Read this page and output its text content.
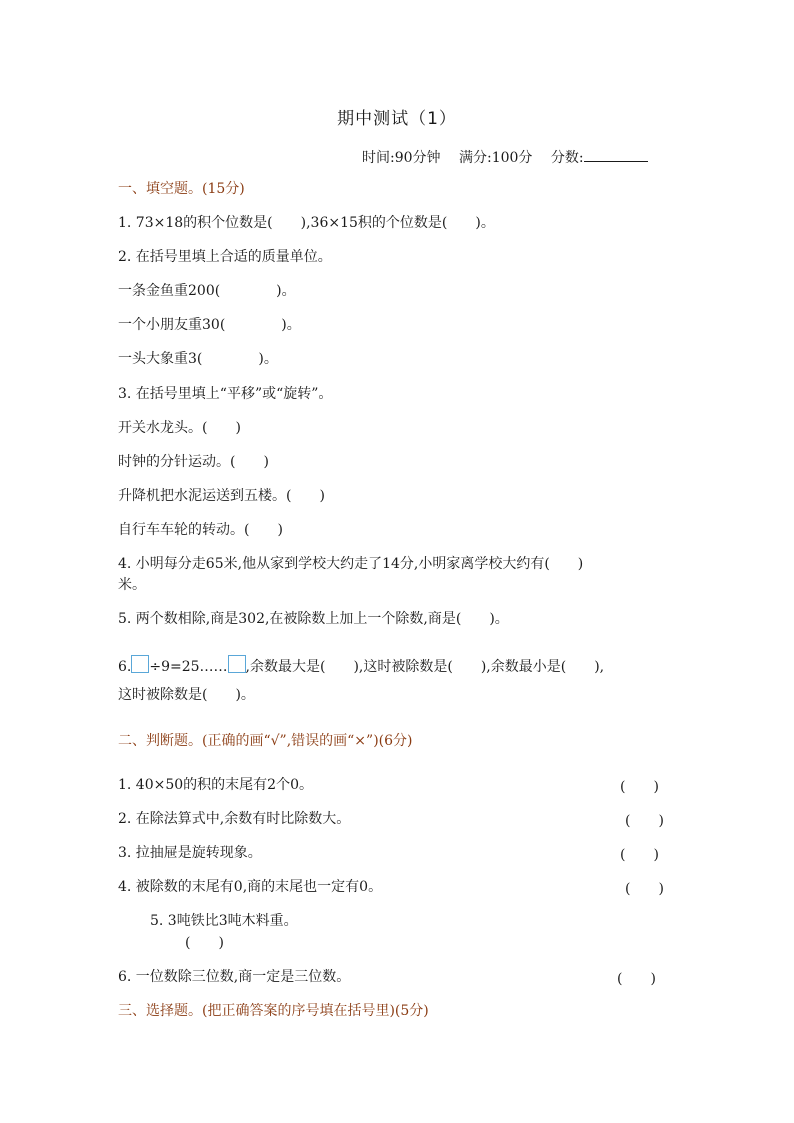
期中测试（1）
时间:90分钟 满分:100分 分数:
一、填空题。(15分)
1. 73×18的积个位数是(　　),36×15积的个位数是(　　)。
2. 在括号里填上合适的质量单位。
一条金鱼重200(　　　　)。
一个小朋友重30(　　　　)。
一头大象重3(　　　　)。
3. 在括号里填上“平移”或“旋转”。
开关水龙头。(　　)
时钟的分针运动。(　　)
升降机把水泥运送到五楼。(　　)
自行车车轮的转动。(　　)
4. 小明每分走65米,他从家到学校大约走了14分,小明家离学校大约有(　　)
米。
5. 两个数相除,商是302,在被除数上加上一个除数,商是(　　)。
6. ÷9=25…… ,余数最大是(　　),这时被除数是(　　),余数最小是(　　),
这时被除数是(　　)。
二、判断题。(正确的画“√”,错误的画“×”)(6分)
1. 40×50的积的末尾有2个0。	(　　)
2. 在除法算式中,余数有时比除数大。	(　　)
3. 拉抽屉是旋转现象。	(　　)
4. 被除数的末尾有0,商的末尾也一定有0。	(　　)
5. 3吨铁比3吨木料重。
(　　)
6. 一位数除三位数,商一定是三位数。	(　　)
三、选择题。(把正确答案的序号填在括号里)(5分)
